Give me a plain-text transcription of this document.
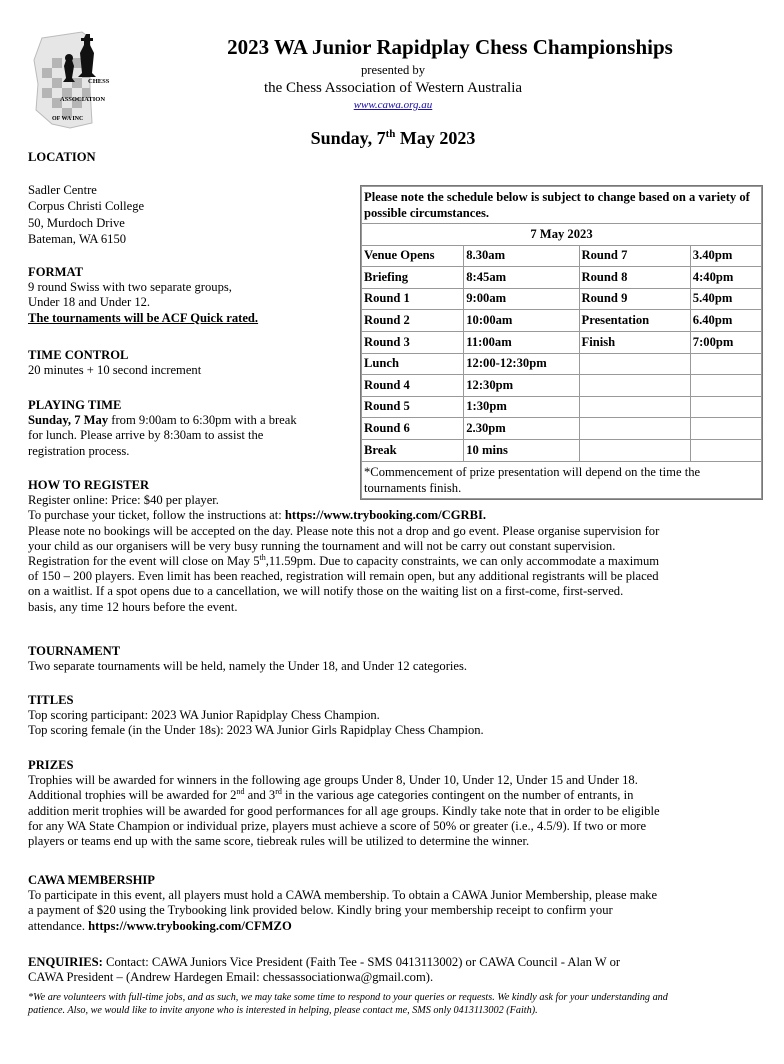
CHESS
ASSOCIATION
OF WA INC
2023 WA Junior Rapidplay Chess Championships
presented by
the Chess Association of Western Australia
www.cawa.org.au
Sunday, 7th May 2023
LOCATION
Sadler Centre
Corpus Christi College
50, Murdoch Drive
Bateman, WA 6150
FORMAT
9 round Swiss with two separate groups,
Under 18 and Under 12.
The tournaments will be ACF Quick rated.
TIME CONTROL
20 minutes + 10 second increment
PLAYING TIME
Sunday, 7 May from 9:00am to 6:30pm with a break
for lunch. Please arrive by 8:30am to assist the
registration process.
Please note the schedule below is subject to change based on a variety of possible circumstances.			
7 May 2023			
Venue Opens	8.30am	Round 7	3.40pm
Briefing	8:45am	Round 8	4:40pm
Round 1	9:00am	Round 9	5.40pm
Round 2	10:00am	Presentation	6.40pm
Round 3	11:00am	Finish	7:00pm
Lunch	12:00-12:30pm		
Round 4	12:30pm		
Round 5	1:30pm		
Round 6	2.30pm		
Break	10 mins		
*Commencement of prize presentation will depend on the time the tournaments finish.			
HOW TO REGISTER
Register online: Price: $40 per player.
To purchase your ticket, follow the instructions at: https://www.trybooking.com/CGRBI.
Please note no bookings will be accepted on the day. Please note this not a drop and go event. Please organise supervision for
your child as our organisers will be very busy running the tournament and will not be carry out constant supervision.
Registration for the event will close on May 5th,11.59pm. Due to capacity constraints, we can only accommodate a maximum
of 150 – 200 players. Even limit has been reached, registration will remain open, but any additional registrants will be placed
on a waitlist. If a spot opens due to a cancellation, we will notify those on the waiting list on a first-come, first-served.
basis, any time 12 hours before the event.
TOURNAMENT
Two separate tournaments will be held, namely the Under 18, and Under 12 categories.
TITLES
Top scoring participant: 2023 WA Junior Rapidplay Chess Champion.
Top scoring female (in the Under 18s): 2023 WA Junior Girls Rapidplay Chess Champion.
PRIZES
Trophies will be awarded for winners in the following age groups Under 8, Under 10, Under 12, Under 15 and Under 18.
Additional trophies will be awarded for 2nd and 3rd in the various age categories contingent on the number of entrants, in
addition merit trophies will be awarded for good performances for all age groups. Kindly take note that in order to be eligible
for any WA State Champion or individual prize, players must achieve a score of 50% or greater (i.e., 4.5/9). If two or more
players or teams end up with the same score, tiebreak rules will be utilized to determine the winner.
CAWA MEMBERSHIP
To participate in this event, all players must hold a CAWA membership. To obtain a CAWA Junior Membership, please make
a payment of $20 using the Trybooking link provided below. Kindly bring your membership receipt to confirm your
attendance. https://www.trybooking.com/CFMZO
ENQUIRIES: Contact: CAWA Juniors Vice President (Faith Tee - SMS 0413113002) or CAWA Council - Alan W or
CAWA President – (Andrew Hardegen Email: chessassociationwa@gmail.com).
*We are volunteers with full-time jobs, and as such, we may take some time to respond to your queries or requests. We kindly ask for your understanding and
patience. Also, we would like to invite anyone who is interested in helping, please contact me, SMS only 0413113002 (Faith).
